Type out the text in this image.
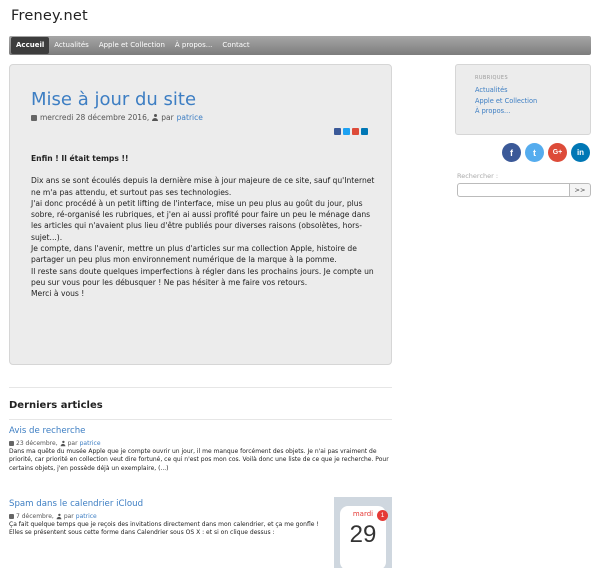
Freney.net
Accueil	Actualités	Apple et Collection	À propos...	Contact
Mise à jour du site
mercredi 28 décembre 2016, par patrice

Enfin ! Il était temps !!

Dix ans se sont écoulés depuis la dernière mise à jour majeure de ce site, sauf qu'Internet ne m'a pas attendu, et surtout pas ses technologies.

J'ai donc procédé à un petit lifting de l'interface, mise un peu plus au goût du jour, plus sobre, ré-organisé les rubriques, et j'en ai aussi profité pour faire un peu le ménage dans les articles qui n'avaient plus lieu d'être publiés pour diverses raisons (obsolètes, hors-sujet...).

Je compte, dans l'avenir, mettre un plus d'articles sur ma collection Apple, histoire de partager un peu plus mon environnement numérique de la marque à la pomme.

Il reste sans doute quelques imperfections à régler dans les prochains jours. Je compte un peu sur vous pour les débusquer ! Ne pas hésiter à me faire vos retours.

Merci à vous !

RUBRIQUES
Actualités
Apple et Collection
À propos...
f	t	G+	in
Rechercher :
>>
Derniers articles
Avis de recherche
23 décembre, par patrice

Dans ma quête du musée Apple que je compte ouvrir un jour, il me manque forcément des objets. Je n'ai pas vraiment de priorité, car priorité en collection veut dire fortuné, ce qui n'est pos mon cos. Voilà donc une liste de ce que je recherche. Pour certains objets, j'en possède déjà un exemplaire, (...)

Spam dans le calendrier iCloud
7 décembre, par patrice

Ça fait quelque temps que je reçois des invitations directement dans mon calendrier, et ça me gonfle ! Elles se présentent sous cette forme dans Calendrier sous OS X : et si on clique dessus :

mardi
29
1
Calendrier
